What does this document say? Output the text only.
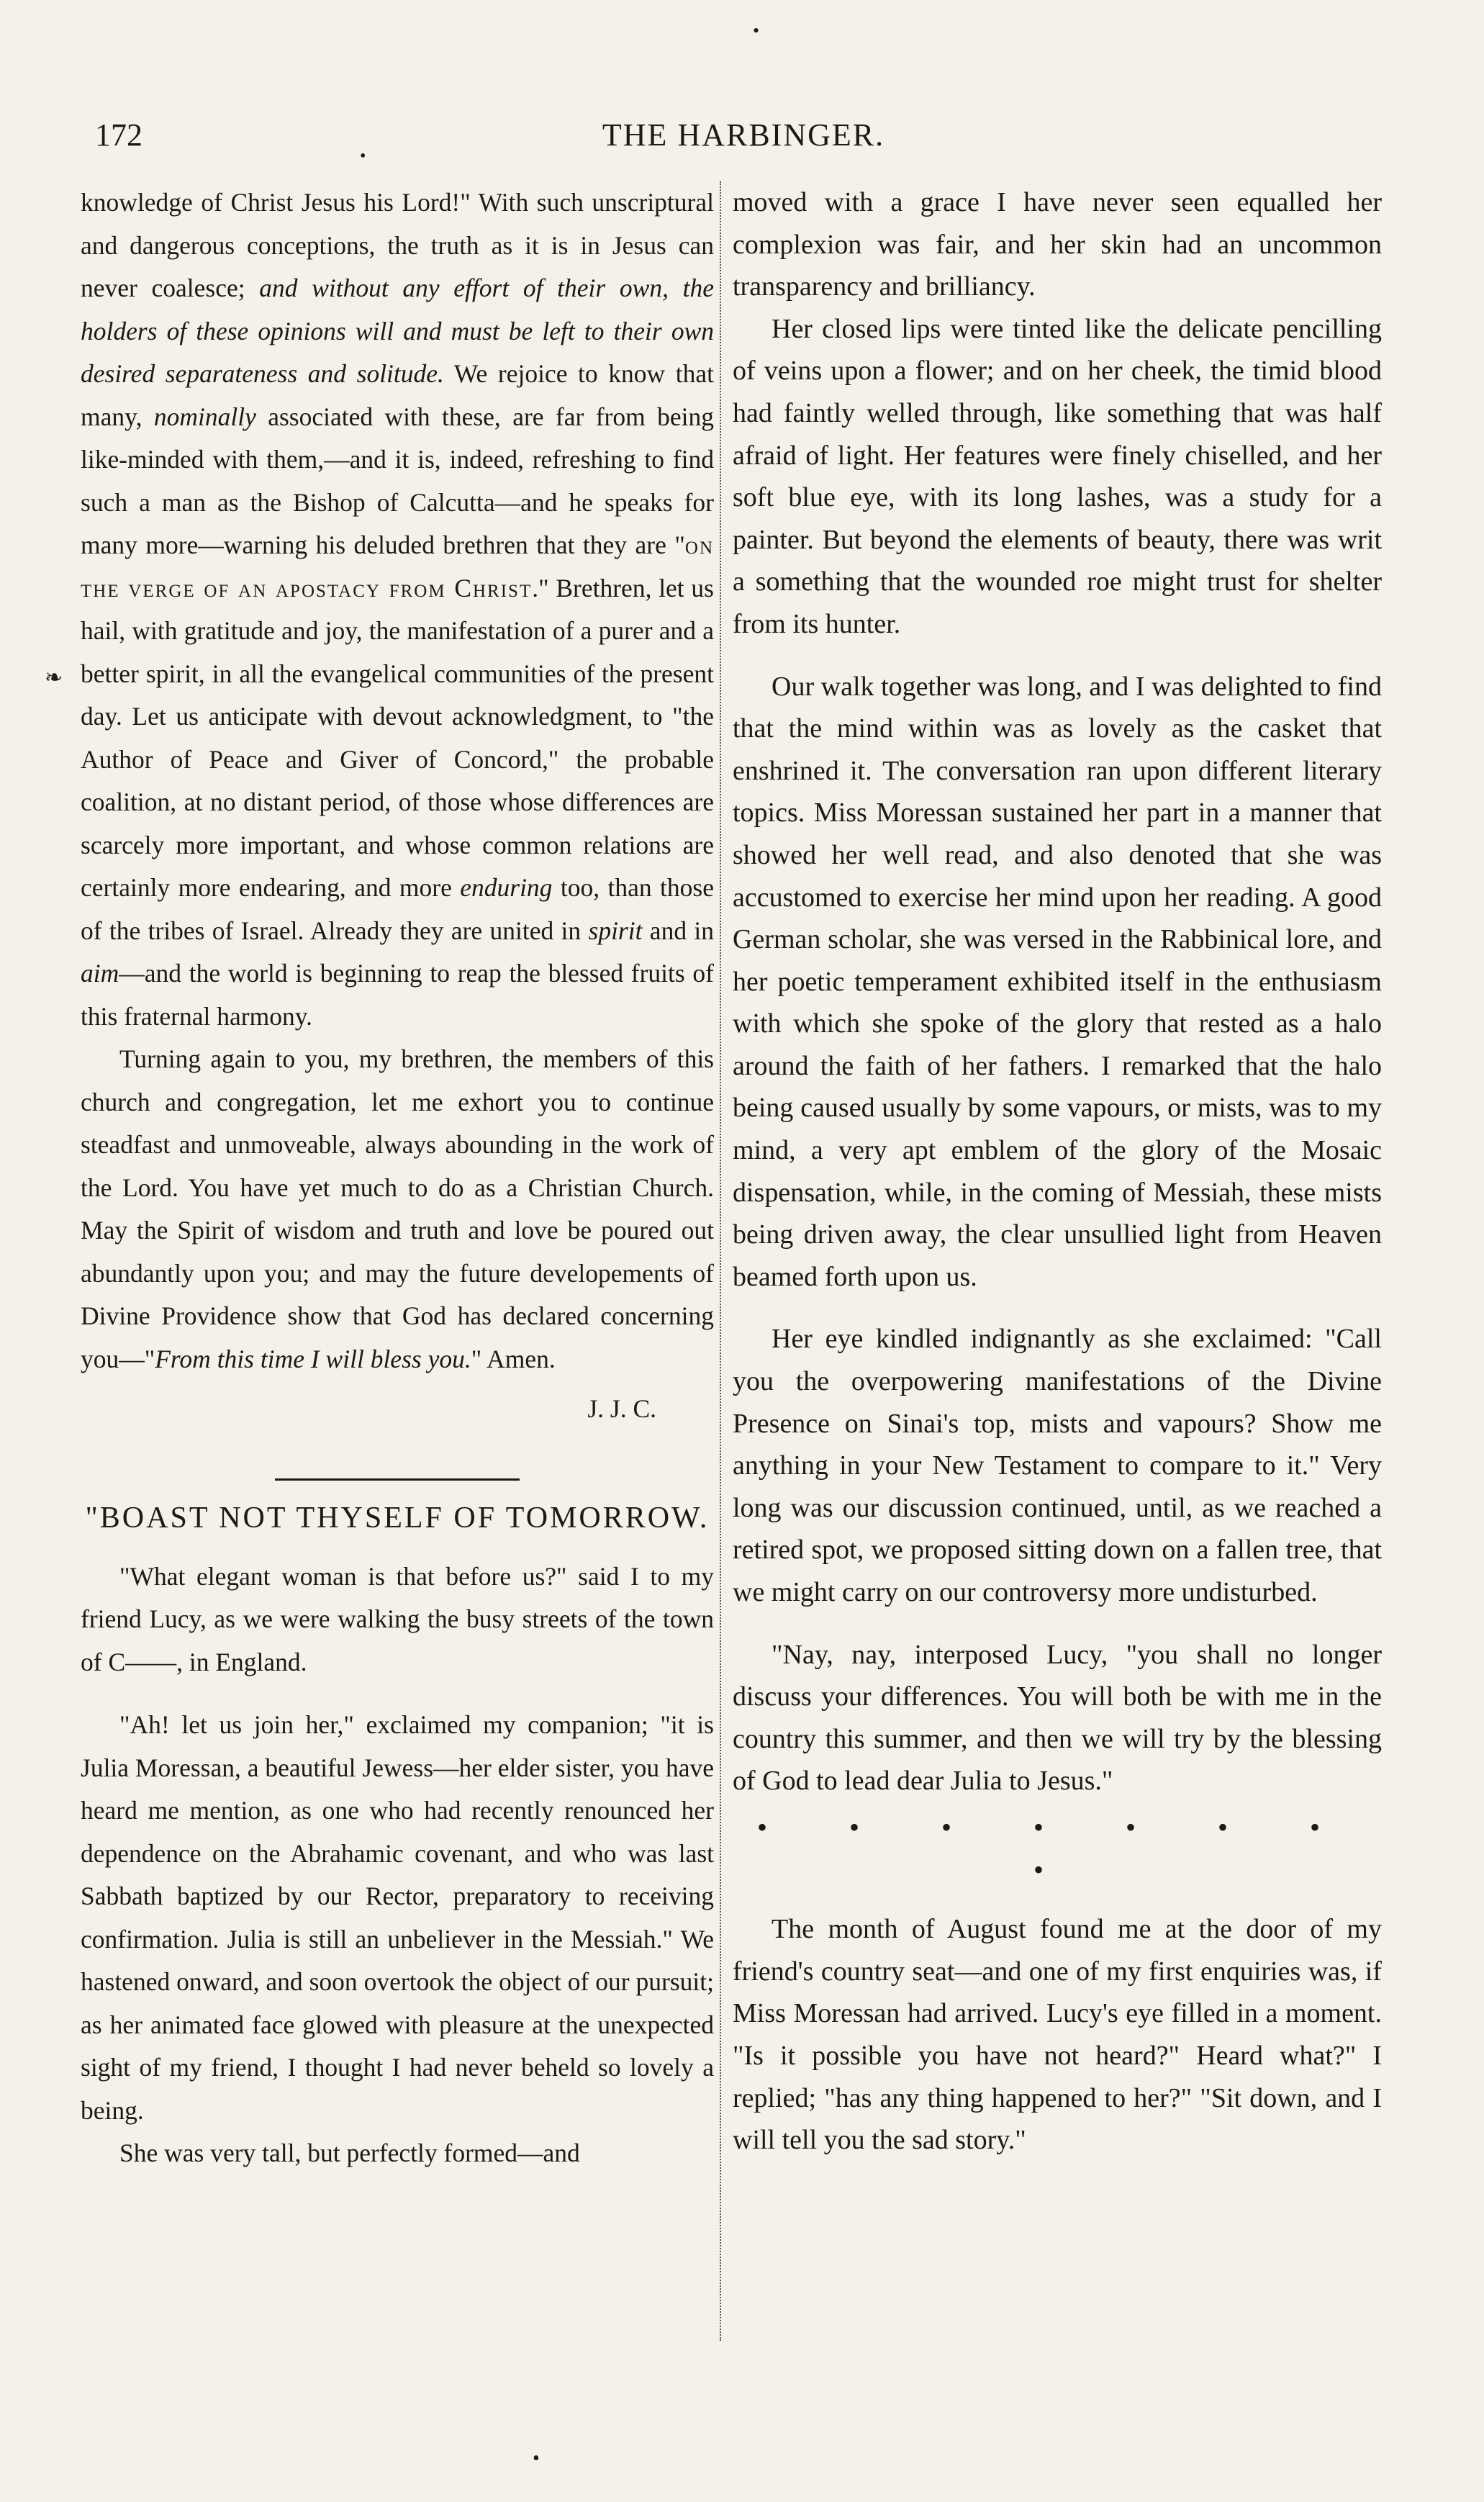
•
172	THE HARBINGER.
•
❧

knowledge of Christ Jesus his Lord!" With such unscriptural and dangerous conceptions, the truth as it is in Jesus can never coalesce; and without any effort of their own, the holders of these opinions will and must be left to their own desired separateness and solitude. We rejoice to know that many, nominally associated with these, are far from being like-minded with them,—and it is, indeed, refreshing to find such a man as the Bishop of Calcutta—and he speaks for many more—warning his deluded brethren that they are "on the verge of an apostacy from Christ." Brethren, let us hail, with gratitude and joy, the manifestation of a purer and a better spirit, in all the evangelical communities of the present day. Let us anticipate with devout acknowledgment, to "the Author of Peace and Giver of Concord," the probable coalition, at no distant period, of those whose differences are scarcely more important, and whose common relations are certainly more endearing, and more enduring too, than those of the tribes of Israel. Already they are united in spirit and in aim—and the world is beginning to reap the blessed fruits of this fraternal harmony.

Turning again to you, my brethren, the members of this church and congregation, let me exhort you to continue steadfast and unmoveable, always abounding in the work of the Lord. You have yet much to do as a Christian Church. May the Spirit of wisdom and truth and love be poured out abundantly upon you; and may the future developements of Divine Providence show that God has declared concerning you—"From this time I will bless you." Amen.

J. J. C.

"BOAST NOT THYSELF OF TOMORROW.

"What elegant woman is that before us?" said I to my friend Lucy, as we were walking the busy streets of the town of C——, in England.

"Ah! let us join her," exclaimed my companion; "it is Julia Moressan, a beautiful Jewess—her elder sister, you have heard me mention, as one who had recently renounced her dependence on the Abrahamic covenant, and who was last Sabbath baptized by our Rector, preparatory to receiving confirmation. Julia is still an unbeliever in the Messiah." We hastened onward, and soon overtook the object of our pursuit; as her animated face glowed with pleasure at the unexpected sight of my friend, I thought I had never beheld so lovely a being.

She was very tall, but perfectly formed—and

moved with a grace I have never seen equalled her complexion was fair, and her skin had an uncommon transparency and brilliancy.

Her closed lips were tinted like the delicate pencilling of veins upon a flower; and on her cheek, the timid blood had faintly welled through, like something that was half afraid of light. Her features were finely chiselled, and her soft blue eye, with its long lashes, was a study for a painter. But beyond the elements of beauty, there was writ a something that the wounded roe might trust for shelter from its hunter.

Our walk together was long, and I was delighted to find that the mind within was as lovely as the casket that enshrined it. The conversation ran upon different literary topics. Miss Moressan sustained her part in a manner that showed her well read, and also denoted that she was accustomed to exercise her mind upon her reading. A good German scholar, she was versed in the Rabbinical lore, and her poetic temperament exhibited itself in the enthusiasm with which she spoke of the glory that rested as a halo around the faith of her fathers. I remarked that the halo being caused usually by some vapours, or mists, was to my mind, a very apt emblem of the glory of the Mosaic dispensation, while, in the coming of Messiah, these mists being driven away, the clear unsullied light from Heaven beamed forth upon us.

Her eye kindled indignantly as she exclaimed: "Call you the overpowering manifestations of the Divine Presence on Sinai's top, mists and vapours? Show me anything in your New Testament to compare to it." Very long was our discussion continued, until, as we reached a retired spot, we proposed sitting down on a fallen tree, that we might carry on our controversy more undisturbed.

"Nay, nay, interposed Lucy, "you shall no longer discuss your differences. You will both be with me in the country this summer, and then we will try by the blessing of God to lead dear Julia to Jesus."

• • • • • • • •

The month of August found me at the door of my friend's country seat—and one of my first enquiries was, if Miss Moressan had arrived. Lucy's eye filled in a moment. "Is it possible you have not heard?" Heard what?" I replied; "has any thing happened to her?" "Sit down, and I will tell you the sad story."

•
